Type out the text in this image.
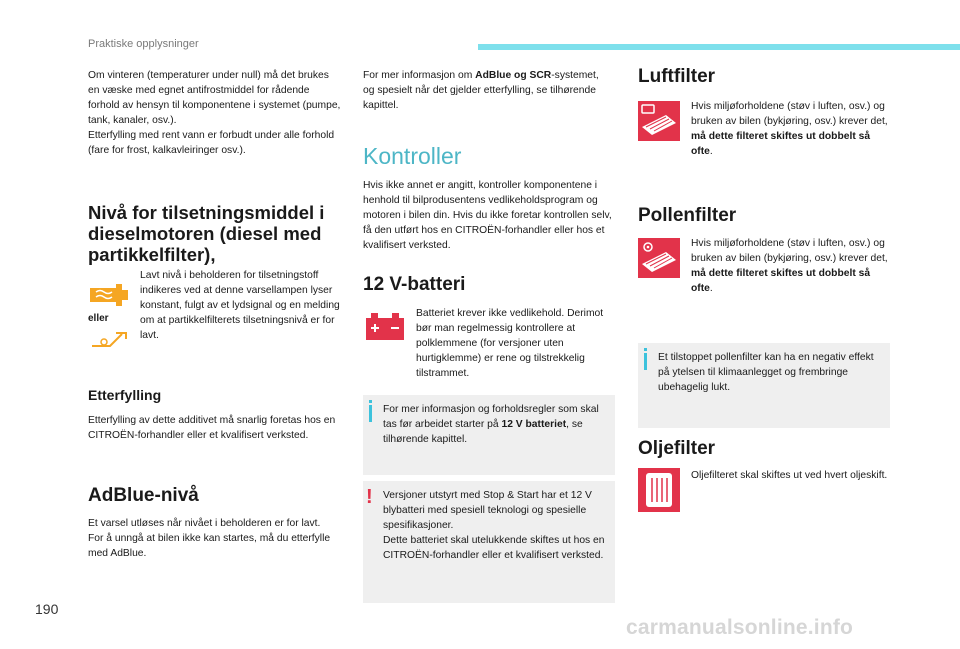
Praktiske opplysninger

Om vinteren (temperaturer under null) må det brukes en væske med egnet antifrostmiddel for rådende forhold av hensyn til komponentene i systemet (pumpe, tank, kanaler, osv.).

Etterfylling med rent vann er forbudt under alle forhold (fare for frost, kalkavleiringer osv.).

Nivå for tilsetningsmiddel i dieselmotoren (diesel med partikkelfilter),
eller
Lavt nivå i beholderen for tilsetningstoff indikeres ved at denne varsellampen lyser konstant, fulgt av et lydsignal og en melding om at partikkelfilterets tilsetningsnivå er for lavt.
Etterfylling
Etterfylling av dette additivet må snarlig foretas hos en CITROËN-forhandler eller et kvalifisert verksted.
AdBlue-nivå

Et varsel utløses når nivået i beholderen er for lavt.

For å unngå at bilen ikke kan startes, må du etterfylle med AdBlue.

For mer informasjon om AdBlue og SCR-systemet, og spesielt når det gjelder etterfylling, se tilhørende kapittel.
Kontroller
Hvis ikke annet er angitt, kontroller komponentene i henhold til bilprodusentens vedlikeholdsprogram og motoren i bilen din. Hvis du ikke foretar kontrollen selv, få den utført hos en CITROËN-forhandler eller hos et kvalifisert verksted.
12 V-batteri
Batteriet krever ikke vedlikehold. Derimot bør man regelmessig kontrollere at polklemmene (for versjoner uten hurtigklemme) er rene og tilstrekkelig tilstrammet.
For mer informasjon og forholdsregler som skal tas før arbeidet starter på 12 V batteriet, se tilhørende kapittel.
! Versjoner utstyrt med Stop & Start har et 12 V blybatteri med spesiell teknologi og spesielle spesifikasjoner.

Dette batteriet skal utelukkende skiftes ut hos en CITROËN-forhandler eller et kvalifisert verksted.

Luftfilter
Hvis miljøforholdene (støv i luften, osv.) og bruken av bilen (bykjøring, osv.) krever det, må dette filteret skiftes ut dobbelt så ofte.
Pollenfilter
Hvis miljøforholdene (støv i luften, osv.) og bruken av bilen (bykjøring, osv.) krever det, må dette filteret skiftes ut dobbelt så ofte.
Et tilstoppet pollenfilter kan ha en negativ effekt på ytelsen til klimaanlegget og frembringe ubehagelig lukt.
Oljefilter
Oljefilteret skal skiftes ut ved hvert oljeskift.
190
carmanualsonline.info
